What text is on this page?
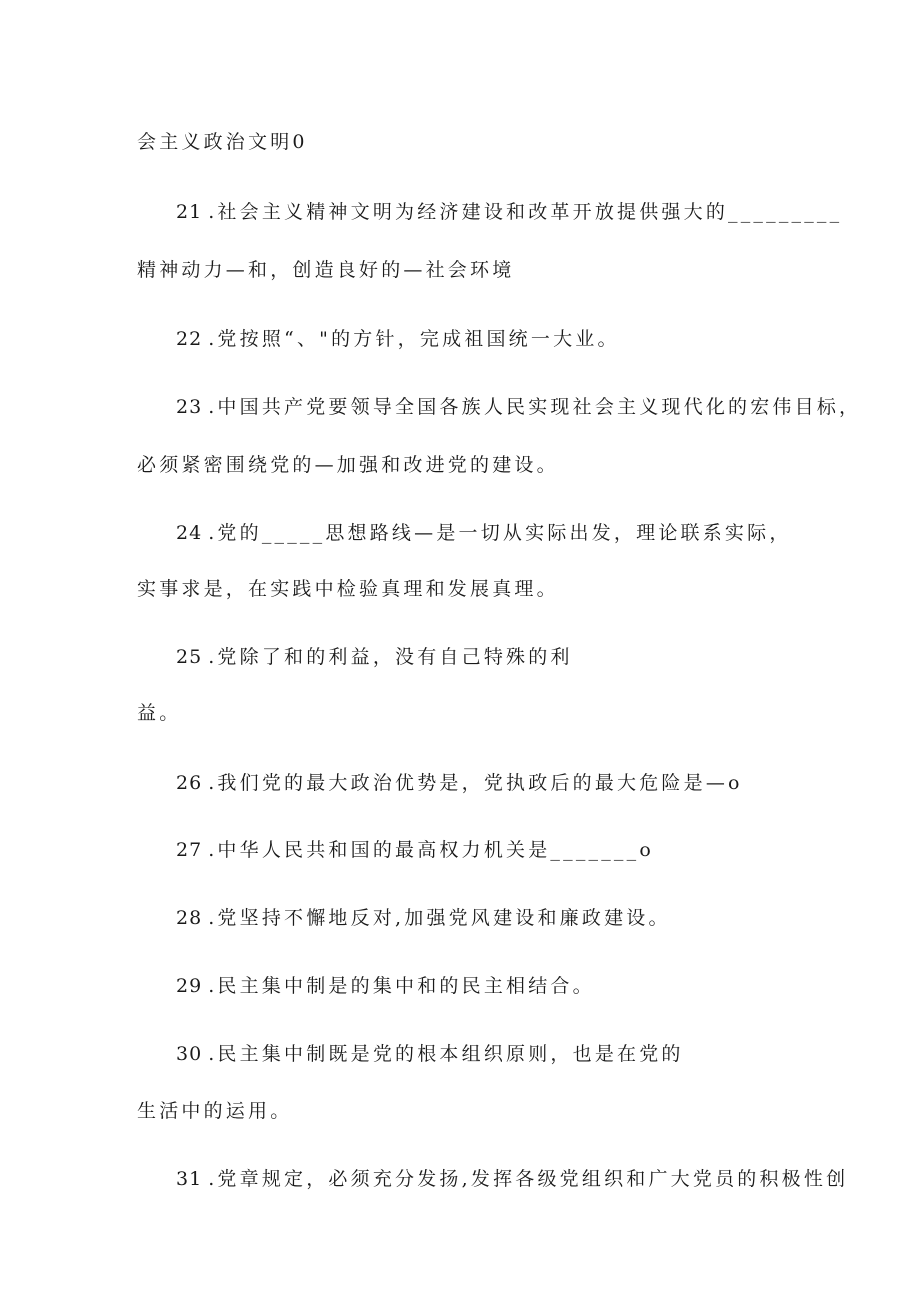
会主义政治文明0
21 .社会主义精神文明为经济建设和改革开放提供强大的_________
精神动力—和，创造良好的—社会环境
22 .党按照“、"的方针，完成祖国统一大业。
23 .中国共产党要领导全国各族人民实现社会主义现代化的宏伟目标，
必须紧密围绕党的—加强和改进党的建设。
24 .党的_____思想路线—是一切从实际出发，理论联系实际，
实事求是，在实践中检验真理和发展真理。
25 .党除了和的利益，没有自己特殊的利
益。
26 .我们党的最大政治优势是，党执政后的最大危险是—o
27 .中华人民共和国的最高权力机关是_______o
28 .党坚持不懈地反对,加强党风建设和廉政建设。
29 .民主集中制是的集中和的民主相结合。
30 .民主集中制既是党的根本组织原则，也是在党的
生活中的运用。
31 .党章规定，必须充分发扬,发挥各级党组织和广大党员的积极性创
